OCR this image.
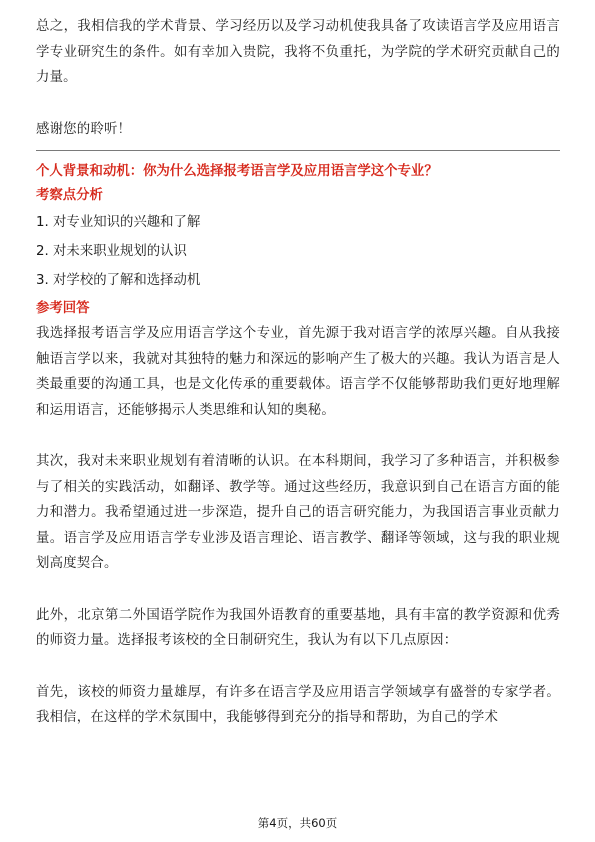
总之，我相信我的学术背景、学习经历以及学习动机使我具备了攻读语言学及应用语言学专业研究生的条件。如有幸加入贵院，我将不负重托，为学院的学术研究贡献自己的力量。

感谢您的聆听！

个人背景和动机：你为什么选择报考语言学及应用语言学这个专业？

考察点分析

1. 对专业知识的兴趣和了解

2. 对未来职业规划的认识

3. 对学校的了解和选择动机

参考回答

我选择报考语言学及应用语言学这个专业，首先源于我对语言学的浓厚兴趣。自从我接触语言学以来，我就对其独特的魅力和深远的影响产生了极大的兴趣。我认为语言是人类最重要的沟通工具，也是文化传承的重要载体。语言学不仅能够帮助我们更好地理解和运用语言，还能够揭示人类思维和认知的奥秘。

其次，我对未来职业规划有着清晰的认识。在本科期间，我学习了多种语言，并积极参与了相关的实践活动，如翻译、教学等。通过这些经历，我意识到自己在语言方面的能力和潜力。我希望通过进一步深造，提升自己的语言研究能力，为我国语言事业贡献力量。语言学及应用语言学专业涉及语言理论、语言教学、翻译等领域，这与我的职业规划高度契合。

此外，北京第二外国语学院作为我国外语教育的重要基地，具有丰富的教学资源和优秀的师资力量。选择报考该校的全日制研究生，我认为有以下几点原因：

首先，该校的师资力量雄厚，有许多在语言学及应用语言学领域享有盛誉的专家学者。我相信，在这样的学术氛围中，我能够得到充分的指导和帮助，为自己的学术

第4页，共60页
